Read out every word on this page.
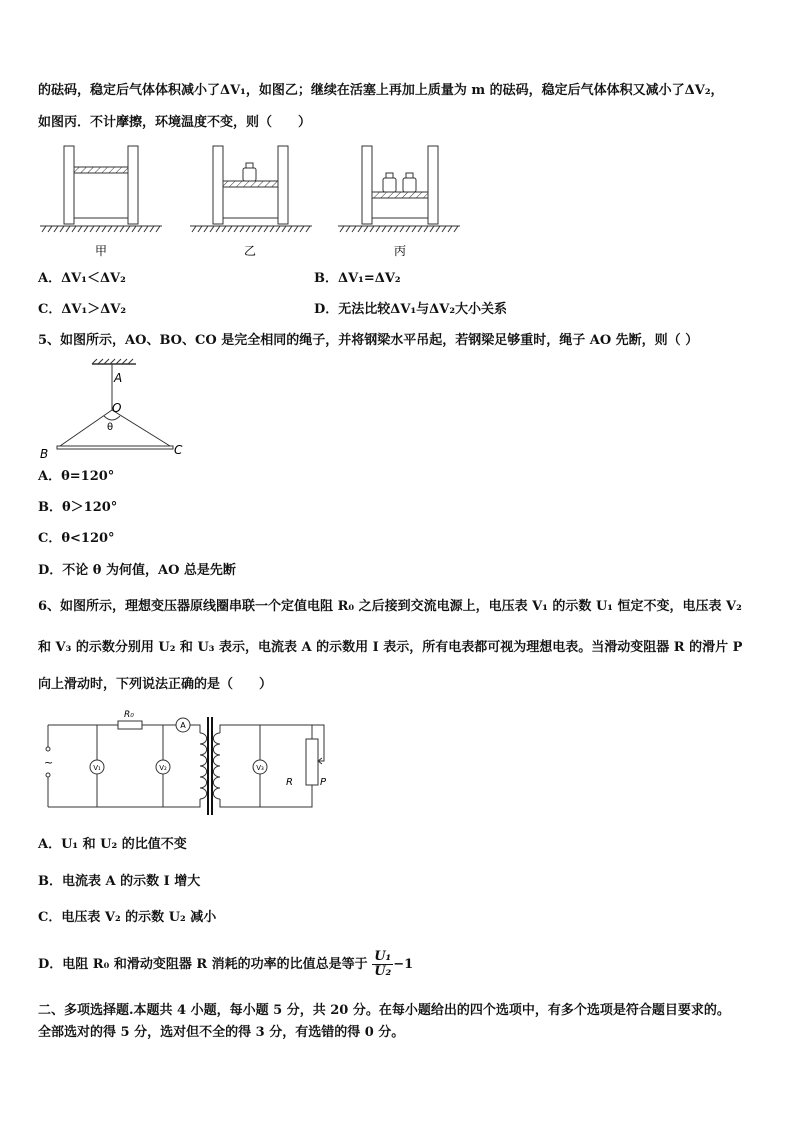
的砝码，稳定后气体体积减小了ΔV₁，如图乙；继续在活塞上再加上质量为 m 的砝码，稳定后气体体积又减小了ΔV₂，
如图丙．不计摩擦，环境温度不变，则（　　）
甲	乙	丙
A．ΔV₁＜ΔV₂	B．ΔV₁=ΔV₂
C．ΔV₁＞ΔV₂	D．无法比较ΔV₁与ΔV₂大小关系
5、如图所示，AO、BO、CO 是完全相同的绳子，并将钢梁水平吊起，若钢梁足够重时，绳子 AO 先断，则（ ）
A
O
θ
B	C
A．θ=120°
B．θ＞120°
C．θ<120°
D．不论 θ 为何值，AO 总是先断
6、如图所示，理想变压器原线圈串联一个定值电阻 R₀ 之后接到交流电源上，电压表 V₁ 的示数 U₁ 恒定不变，电压表 V₂
和 V₃ 的示数分别用 U₂ 和 U₃ 表示，电流表 A 的示数用 I 表示，所有电表都可视为理想电表。当滑动变阻器 R 的滑片 P
向上滑动时，下列说法正确的是（　　）
~
R₀
A
V₁	V₂	V₃
R	P
A．U₁ 和 U₂ 的比值不变
B．电流表 A 的示数 I 增大
C．电压表 V₂ 的示数 U₂ 减小
D．电阻 R₀ 和滑动变阻器 R 消耗的功率的比值总是等于 $\frac{\text{U₁}}{\text{U₂}} -1$
二、多项选择题.本题共 4 小题，每小题 5 分，共 20 分。在每小题给出的四个选项中，有多个选项是符合题目要求的。
全部选对的得 5 分，选对但不全的得 3 分，有选错的得 0 分。
